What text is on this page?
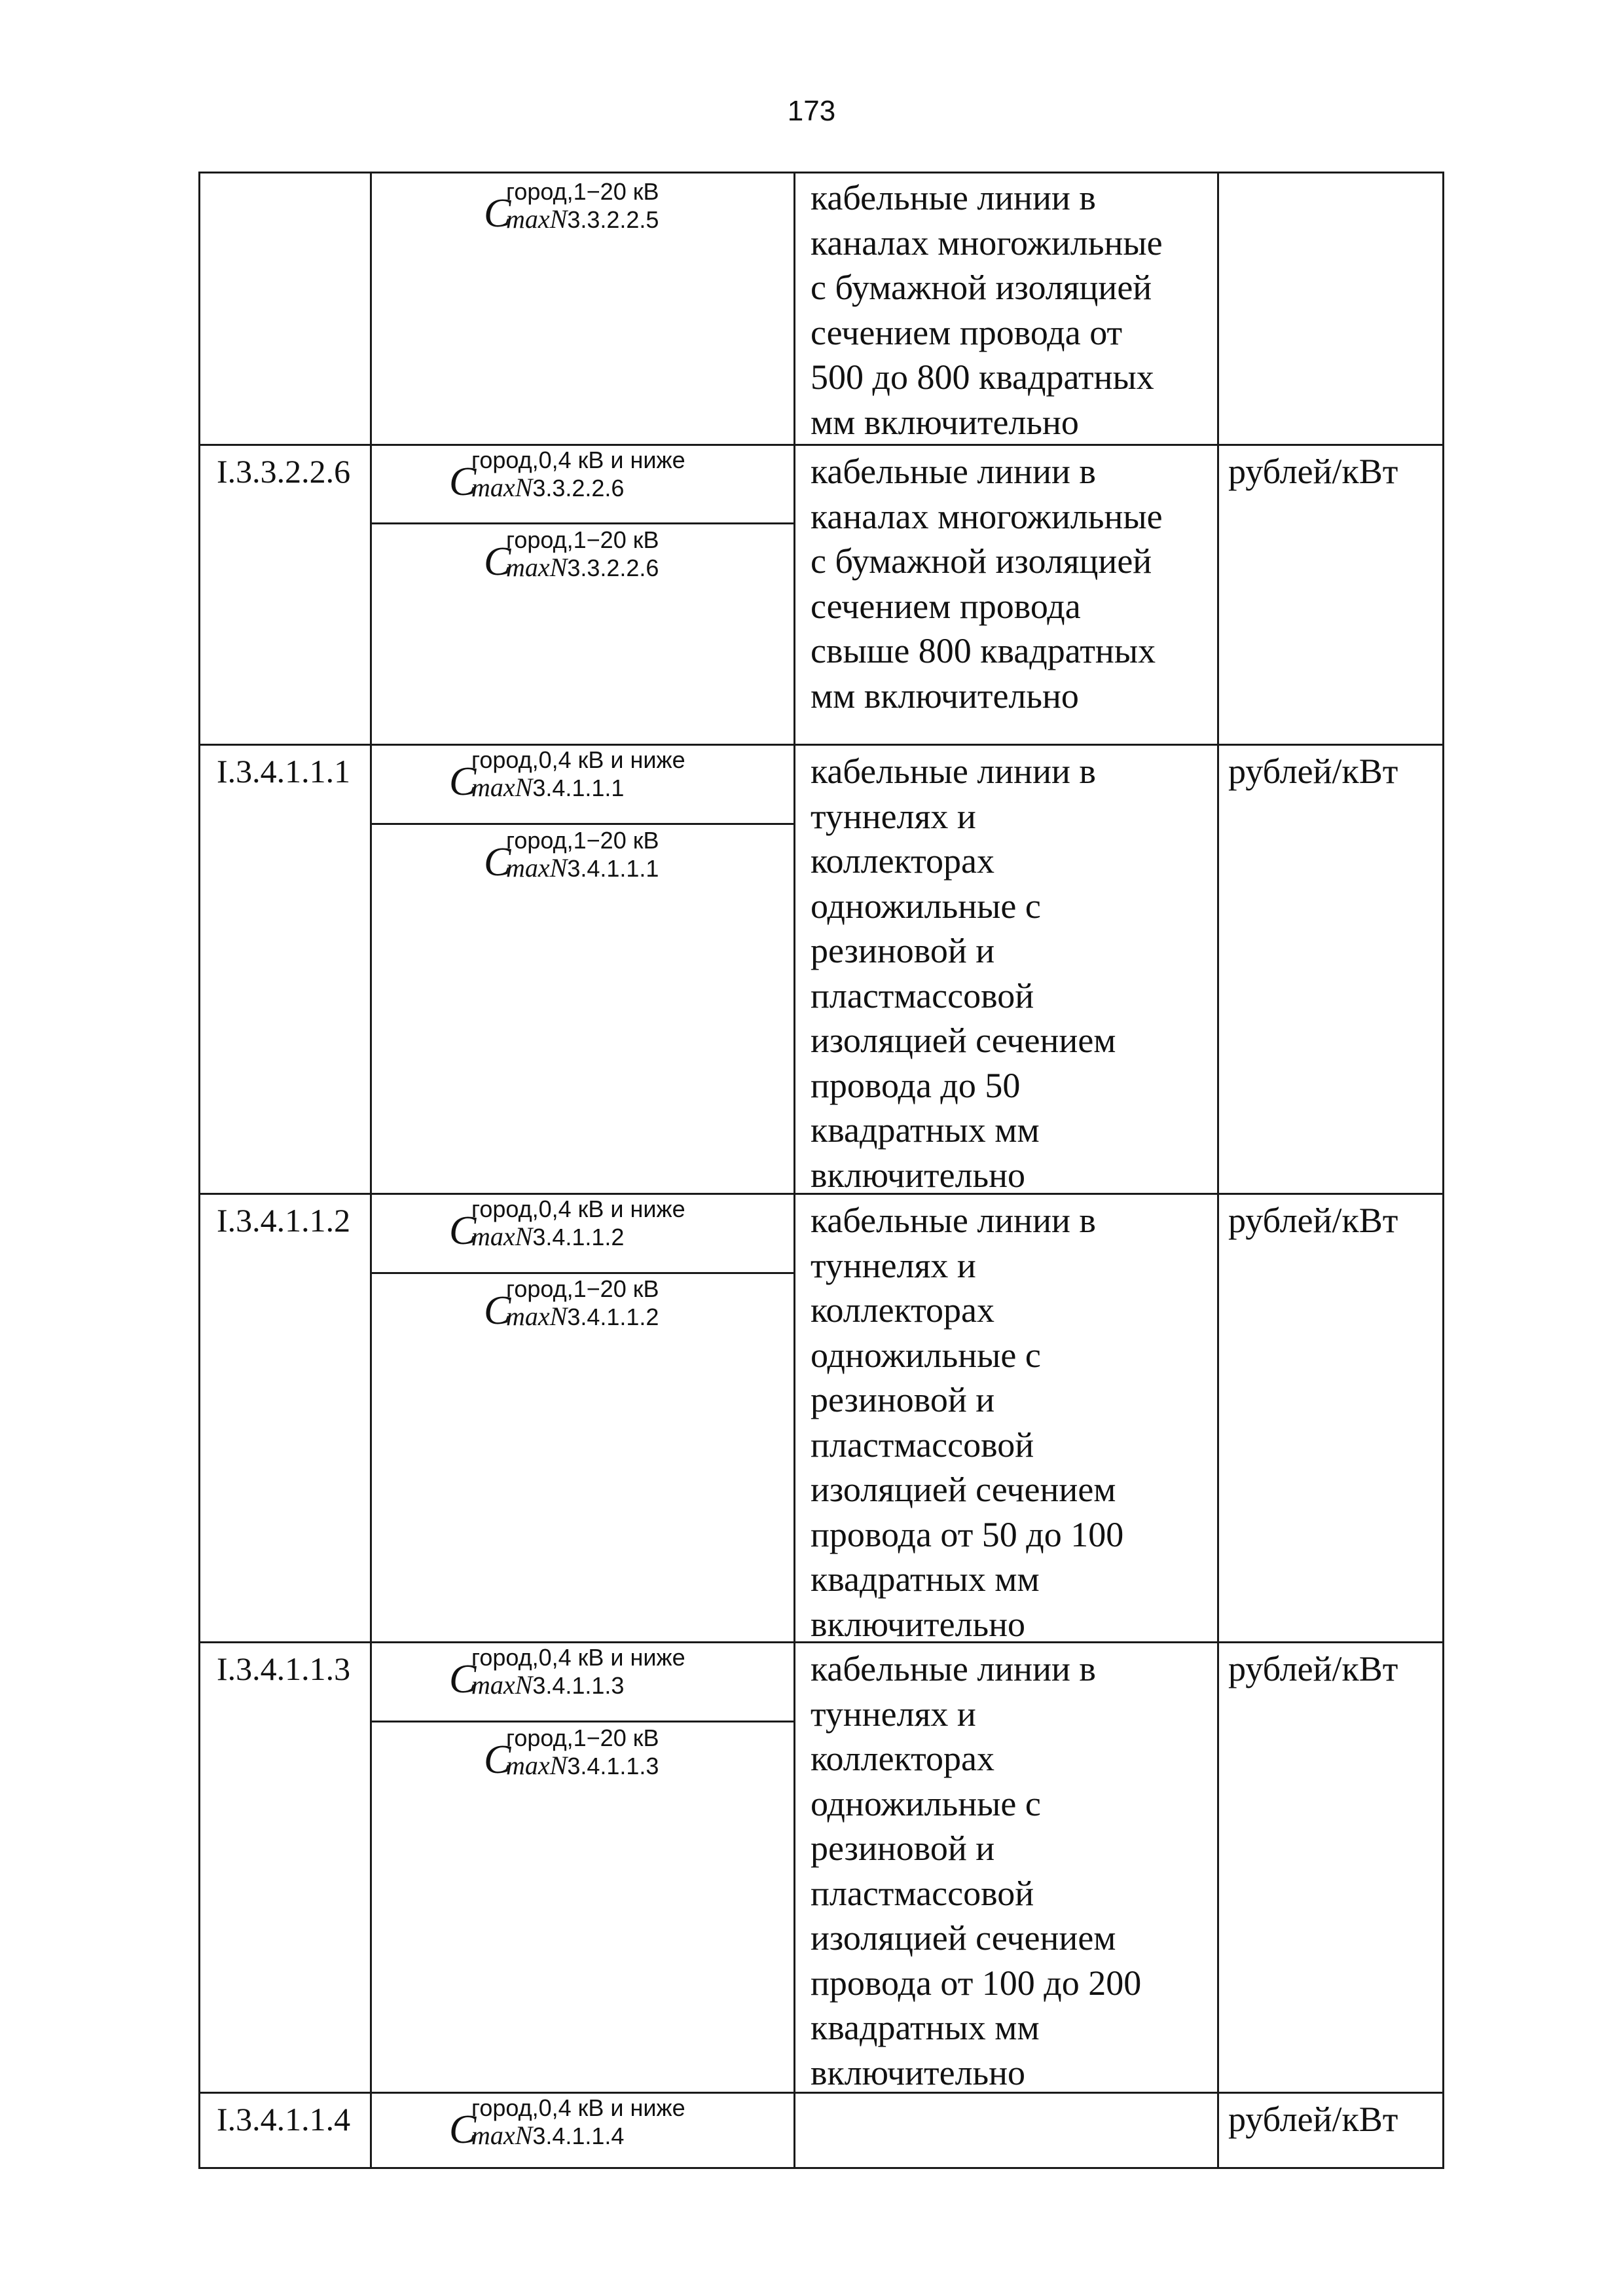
173
C
город,1−20 кВ
maxN3.3.2.2.5
кабельные линии в
каналах многожильные
с бумажной изоляцией
сечением провода от
500 до 800 квадратных
мм включительно
I.3.3.2.2.6 C
город,0,4 кВ и ниже
maxN3.3.2.2.6
C
город,1−20 кВ
maxN3.3.2.2.6
кабельные линии в
каналах многожильные
с бумажной изоляцией
сечением провода
свыше 800 квадратных
мм включительно
рублей/кВт
I.3.4.1.1.1 C
город,0,4 кВ и ниже
maxN3.4.1.1.1
C
город,1−20 кВ
maxN3.4.1.1.1
кабельные линии в
туннелях и
коллекторах
одножильные с
резиновой и
пластмассовой
изоляцией сечением
провода до 50
квадратных мм
включительно
рублей/кВт
I.3.4.1.1.2 C
город,0,4 кВ и ниже
maxN3.4.1.1.2
C
город,1−20 кВ
maxN3.4.1.1.2
кабельные линии в
туннелях и
коллекторах
одножильные с
резиновой и
пластмассовой
изоляцией сечением
провода от 50 до 100
квадратных мм
включительно
рублей/кВт
I.3.4.1.1.3 C
город,0,4 кВ и ниже
maxN3.4.1.1.3
C
город,1−20 кВ
maxN3.4.1.1.3
кабельные линии в
туннелях и
коллекторах
одножильные с
резиновой и
пластмассовой
изоляцией сечением
провода от 100 до 200
квадратных мм
включительно
рублей/кВт
I.3.4.1.1.4 C
город,0,4 кВ и ниже
maxN3.4.1.1.4	рублей/кВт
